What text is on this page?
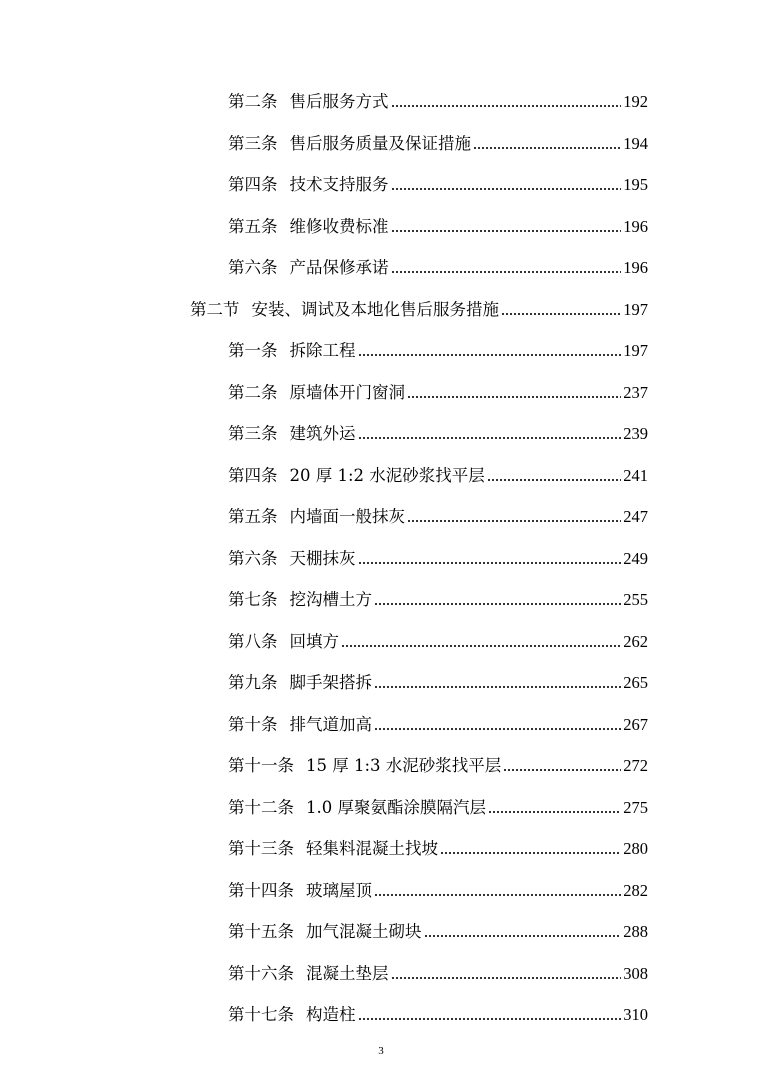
第二条 售后服务方式	192
第三条 售后服务质量及保证措施	194
第四条 技术支持服务	195
第五条 维修收费标准	196
第六条 产品保修承诺	196
第二节 安装、调试及本地化售后服务措施	197
第一条 拆除工程	197
第二条 原墙体开门窗洞	237
第三条 建筑外运	239
第四条 20 厚 1:2 水泥砂浆找平层	241
第五条 内墙面一般抹灰	247
第六条 天棚抹灰	249
第七条 挖沟槽土方	255
第八条 回填方	262
第九条 脚手架搭拆	265
第十条 排气道加高	267
第十一条 15 厚 1:3 水泥砂浆找平层	272
第十二条 1.0 厚聚氨酯涂膜隔汽层	275
第十三条 轻集料混凝土找坡	280
第十四条 玻璃屋顶	282
第十五条 加气混凝土砌块	288
第十六条 混凝土垫层	308
第十七条 构造柱	310
3
